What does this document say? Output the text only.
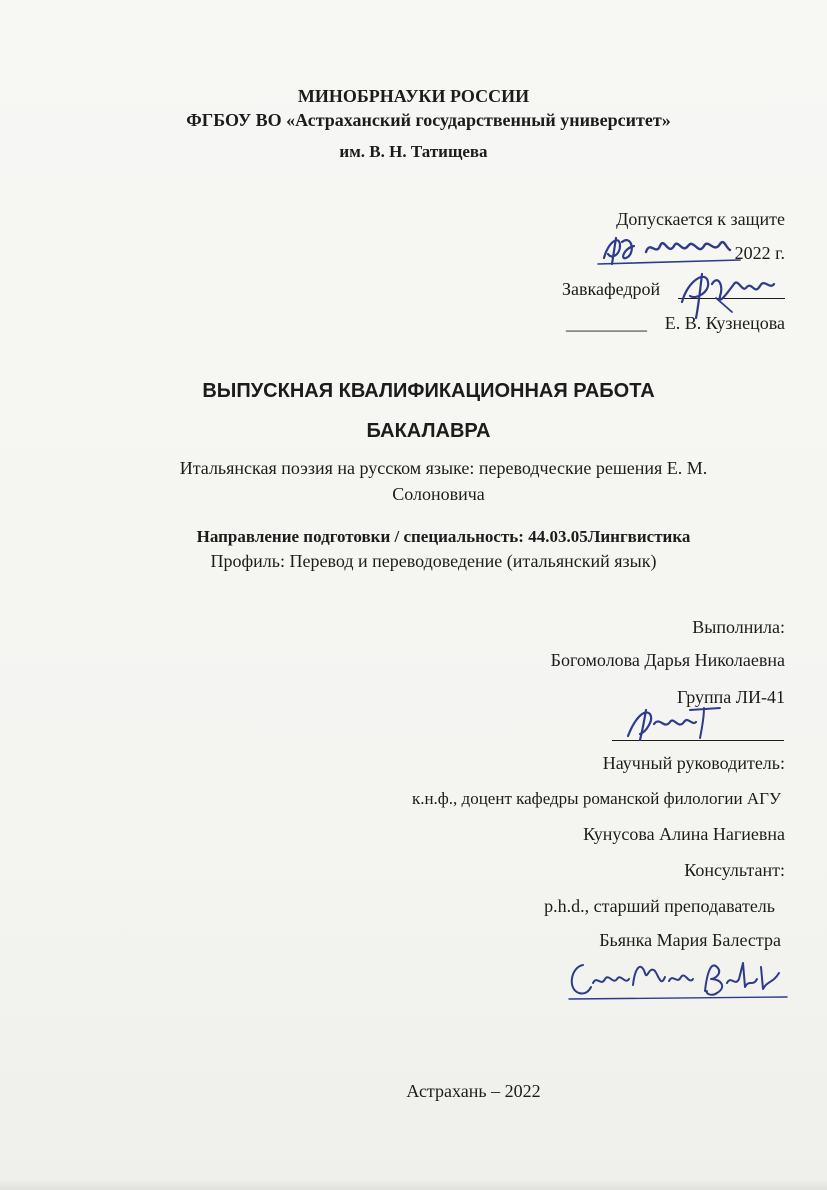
МИНОБРНАУКИ РОССИИ
ФГБОУ ВО «Астраханский государственный университет»
им. В. Н. Татищева
Допускается к защите
2022 г.
Завкафедрой
_________ Е. В. Кузнецова
ВЫПУСКНАЯ КВАЛИФИКАЦИОННАЯ РАБОТА
БАКАЛАВРА
Итальянская поэзия на русском языке: переводческие решения Е. М.
Солоновича
Направление подготовки / специальность: 44.03.05Лингвистика
Профиль: Перевод и переводоведение (итальянский язык)
Выполнила:
Богомолова Дарья Николаевна
Группа ЛИ-41
Научный руководитель:
к.н.ф., доцент кафедры романской филологии АГУ
Кунусова Алина Нагиевна
Консультант:
p.h.d., старший преподаватель
Бьянка Мария Балестра
Астрахань – 2022
